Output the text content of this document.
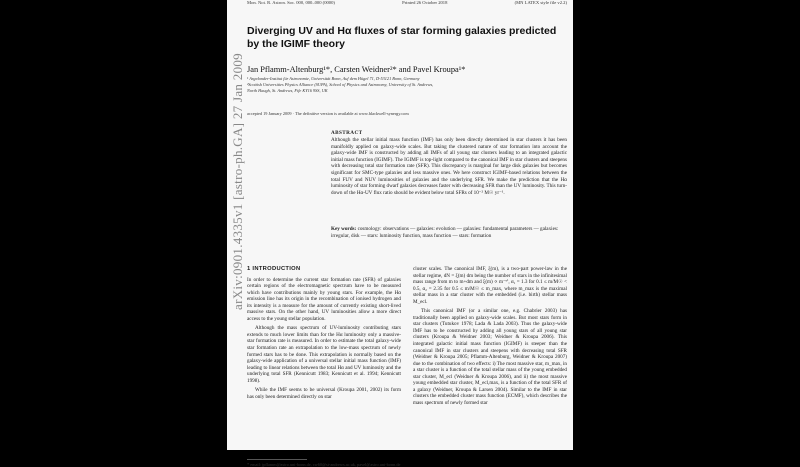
Mon. Not. R. Astron. Soc. 000, 000–000 (0000)	Printed 26 October 2018	(MN LATEX style file v2.2)
Diverging UV and Hα fluxes of star forming galaxies predicted by the IGIMF theory
Jan Pflamm-Altenburg¹*, Carsten Weidner²* and Pavel Kroupa¹*
¹ Argelander-Institut für Astronomie, Universität Bonn, Auf dem Hügel 71, D-53121 Bonn, Germany
²Scottish Universities Physics Alliance (SUPA), School of Physics and Astronomy, University of St. Andrews,
North Haugh, St. Andrews, Fife KY16 9SS, UK
accepted 19 January 2009 · The definitive version is available at www.blackwell-synergy.com
ABSTRACT
Although the stellar initial mass function (IMF) has only been directly determined in star clusters it has been manifoldly applied on galaxy-wide scales. But taking the clustered nature of star formation into account the galaxy-wide IMF is constructed by adding all IMFs of all young star clusters leading to an integrated galactic initial mass function (IGIMF). The IGIMF is top-light compared to the canonical IMF in star clusters and steepens with decreasing total star formation rate (SFR). This discrepancy is marginal for large disk galaxies but becomes significant for SMC-type galaxies and less massive ones. We here construct IGIMF-based relations between the total FUV and NUV luminosities of galaxies and the underlying SFR. We make the prediction that the Hα luminosity of star forming dwarf galaxies decreases faster with decreasing SFR than the UV luminosity. This turn-down of the Hα-UV flux ratio should be evident below total SFRs of 10⁻² M☉ yr⁻¹.
Key words: cosmology: observations — galaxies: evolution — galaxies: fundamental parameters — galaxies: irregular, disk — stars: luminosity function, mass function — stars: formation
1 INTRODUCTION

In order to determine the current star formation rate (SFR) of galaxies certain regions of the electromagnetic spectrum have to be measured which have contributions mainly by young stars. For example, the Hα emission line has its origin in the recombination of ionised hydrogen and its intensity is a measure for the amount of currently existing short-lived massive stars. On the other hand, UV luminosities allow a more direct access to the young stellar population.

Although the mass spectrum of UV-luminosity contributing stars extends to much lower limits than for the Hα luminosity only a massive-star formation rate is measured. In order to estimate the total galaxy-wide star formation rate an extrapolation to the low-mass spectrum of newly formed stars has to be done. This extrapolation is normally based on the galaxy-wide application of a universal stellar initial mass function (IMF) leading to linear relations between the total Hα and UV luminosity and the underlying total SFR (Kennicutt 1983; Kennicutt et al. 1994; Kennicutt 1998).

While the IMF seems to be universal (Kroupa 2001, 2002) its form has only been determined directly on star

cluster scales. The canonical IMF, ξ(m), is a two-part power-law in the stellar regime, dN = ξ(m) dm being the number of stars in the infinitesimal mass range from m to m+dm and ξ(m) ∝ m⁻ᵅⁱ, α₁ = 1.3 for 0.1 ≤ m/M☉ < 0.5, α₂ = 2.35 for 0.5 ≤ m/M☉ ≤ m_max, where m_max is the maximal stellar mass in a star cluster with the embedded (i.e. birth) stellar mass M_ecl.

This canonical IMF (or a similar one, e.g. Chabrier 2003) has traditionally been applied on galaxy-wide scales. But most stars form in star clusters (Tutukov 1978; Lada & Lada 2003). Thus the galaxy-wide IMF has to be constructed by adding all young stars of all young star clusters (Kroupa & Weidner 2003; Weidner & Kroupa 2006). This integrated galactic initial mass function (IGIMF) is steeper than the canonical IMF in star clusters and steepens with decreasing total SFR (Weidner & Kroupa 2005; Pflamm-Altenburg, Weidner & Kroupa 2007) due to the combination of two effects: i) The most massive star, m_max, in a star cluster is a function of the total stellar mass of the young embedded star cluster, M_ecl (Weidner & Kroupa 2006), and ii) the most massive young embedded star cluster, M_ecl,max, is a function of the total SFR of a galaxy (Weidner, Kroupa & Larsen 2004). Similar to the IMF in star clusters the embedded cluster mass function (ECMF), which describes the mass spectrum of newly formed star

* email: jpflamm@astro.uni-bonn.de, cw60@st-andrews.ac.uk, pavel@astro.uni-bonn.de
arXiv:0901.4335v1 [astro-ph.GA] 27 Jan 2009
